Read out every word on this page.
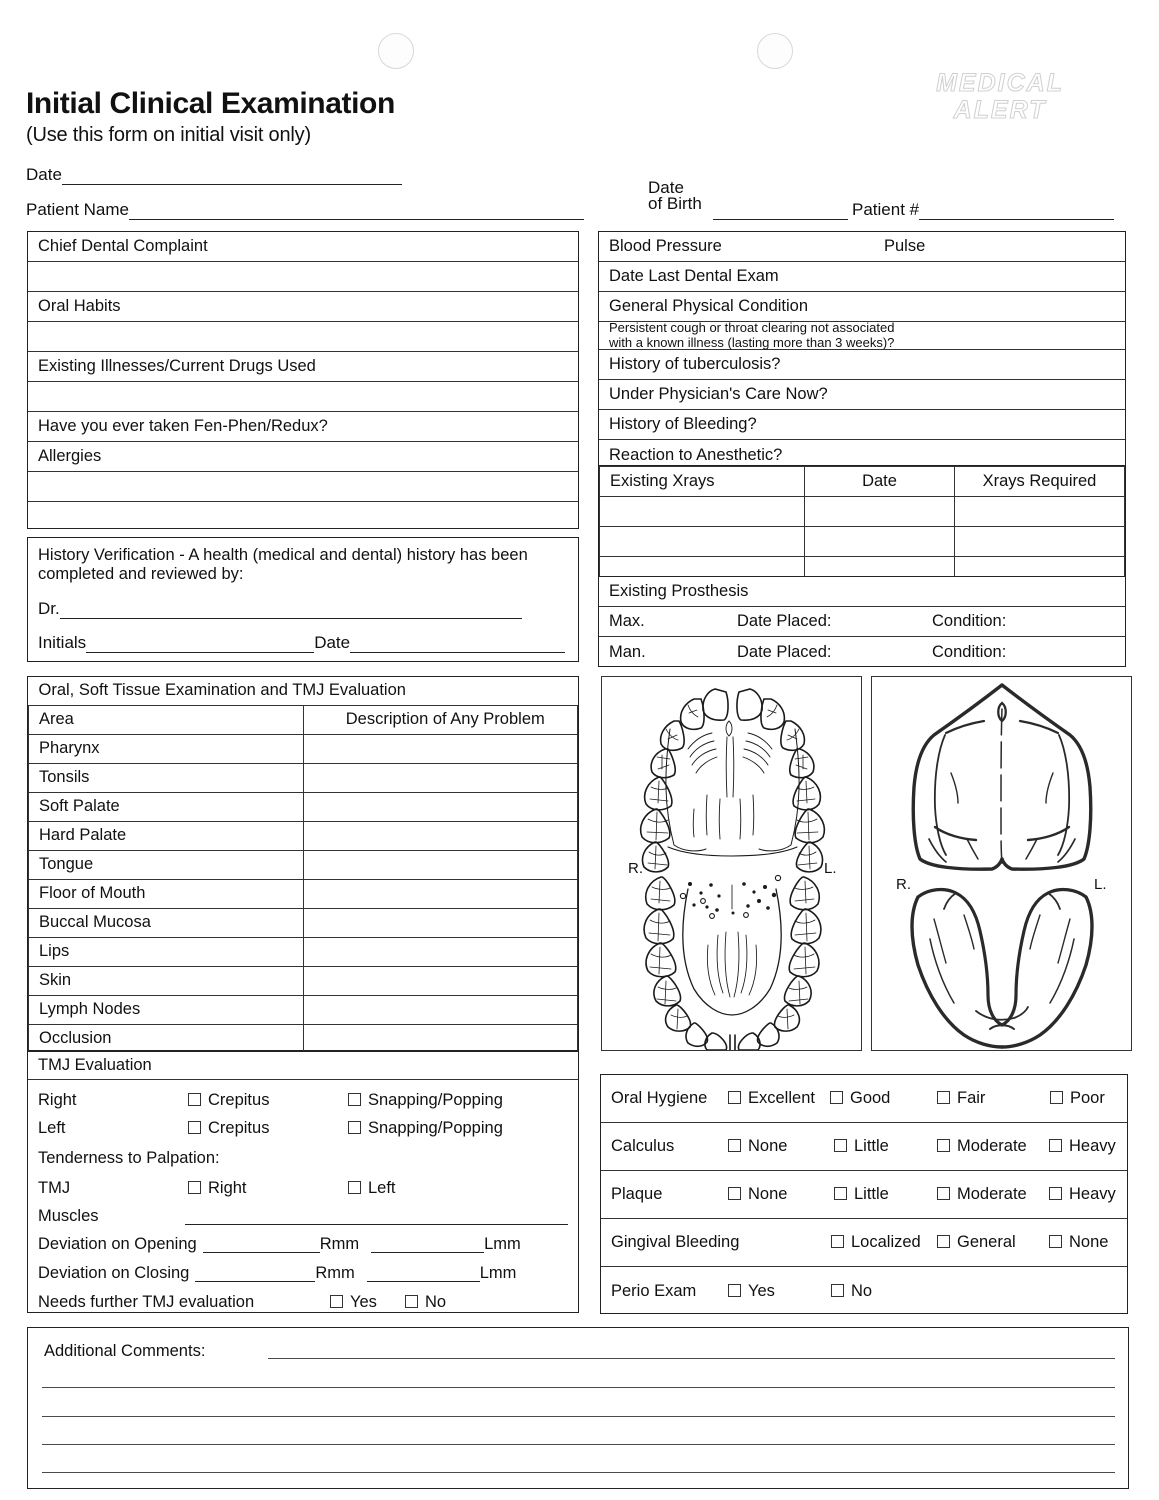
Initial Clinical Examination
(Use this form on initial visit only)
MEDICAL
ALERT
Date
Patient Name
Date
of Birth	Patient #
Chief Dental Complaint
Oral Habits
Existing Illnesses/Current Drugs Used
Have you ever taken Fen-Phen/Redux?
Allergies
History Verification - A health (medical and dental) history has been completed and reviewed by:
Dr.
Initials	Date
Oral, Soft Tissue Examination and TMJ Evaluation	
Area	Description of Any Problem
Pharynx	
Tonsils	
Soft Palate	
Hard Palate	
Tongue	
Floor of Mouth	
Buccal Mucosa	
Lips	
Skin	
Lymph Nodes	
Occlusion	
TMJ Evaluation
Right	Crepitus	Snapping/Popping
Left	Crepitus	Snapping/Popping
Tenderness to Palpation:
TMJ	Right	Left
Muscles
Deviation on Opening	Rmm	Lmm
Deviation on Closing	Rmm	Lmm
Needs further TMJ evaluation	Yes	No
Blood Pressure	Pulse
Date Last Dental Exam
General Physical Condition
Persistent cough or throat clearing not associated
with a known illness (lasting more than 3 weeks)?
History of tuberculosis?
Under Physician's Care Now?
History of Bleeding?
Reaction to Anesthetic?
Existing Xrays	Date	Xrays Required

Existing Prosthesis
Max.	Date Placed:	Condition:
Man.	Date Placed:	Condition:
R.	L.
R.	L.
Oral Hygiene	Excellent	Good	Fair	Poor
Calculus	None	Little	Moderate	Heavy
Plaque	None	Little	Moderate	Heavy
Gingival Bleeding	Localized	General	None
Perio Exam	Yes	No
Additional Comments:
